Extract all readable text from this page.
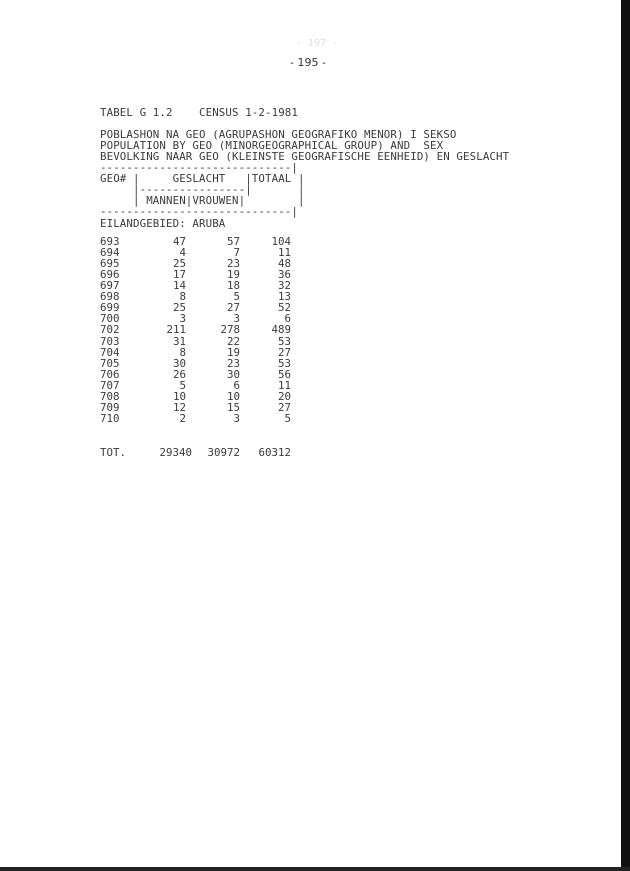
- 197 -
- 195 -
TABEL G 1.2    CENSUS 1-2-1981
POBLASHON NA GEO (AGRUPASHON GEOGRAFIKO MENOR) I SEKSO
POPULATION BY GEO (MINORGEOGRAPHICAL GROUP) AND  SEX
BEVOLKING NAAR GEO (KLEINSTE GEOGRAFISCHE EENHEID) EN GESLACHT
-----------------------------|
GEO# |     GESLACHT   |TOTAAL |
|----------------|       |
| MANNEN|VROUWEN|        |
-----------------------------|
EILANDGEBIED: ARUBA
693	47	57	104
694	4	7	11
695	25	23	48
696	17	19	36
697	14	18	32
698	8	5	13
699	25	27	52
700	3	3	6
702	211	278	489
703	31	22	53
704	8	19	27
705	30	23	53
706	26	30	56
707	5	6	11
708	10	10	20
709	12	15	27
710	2	3	5
TOT.	29340	30972	60312
